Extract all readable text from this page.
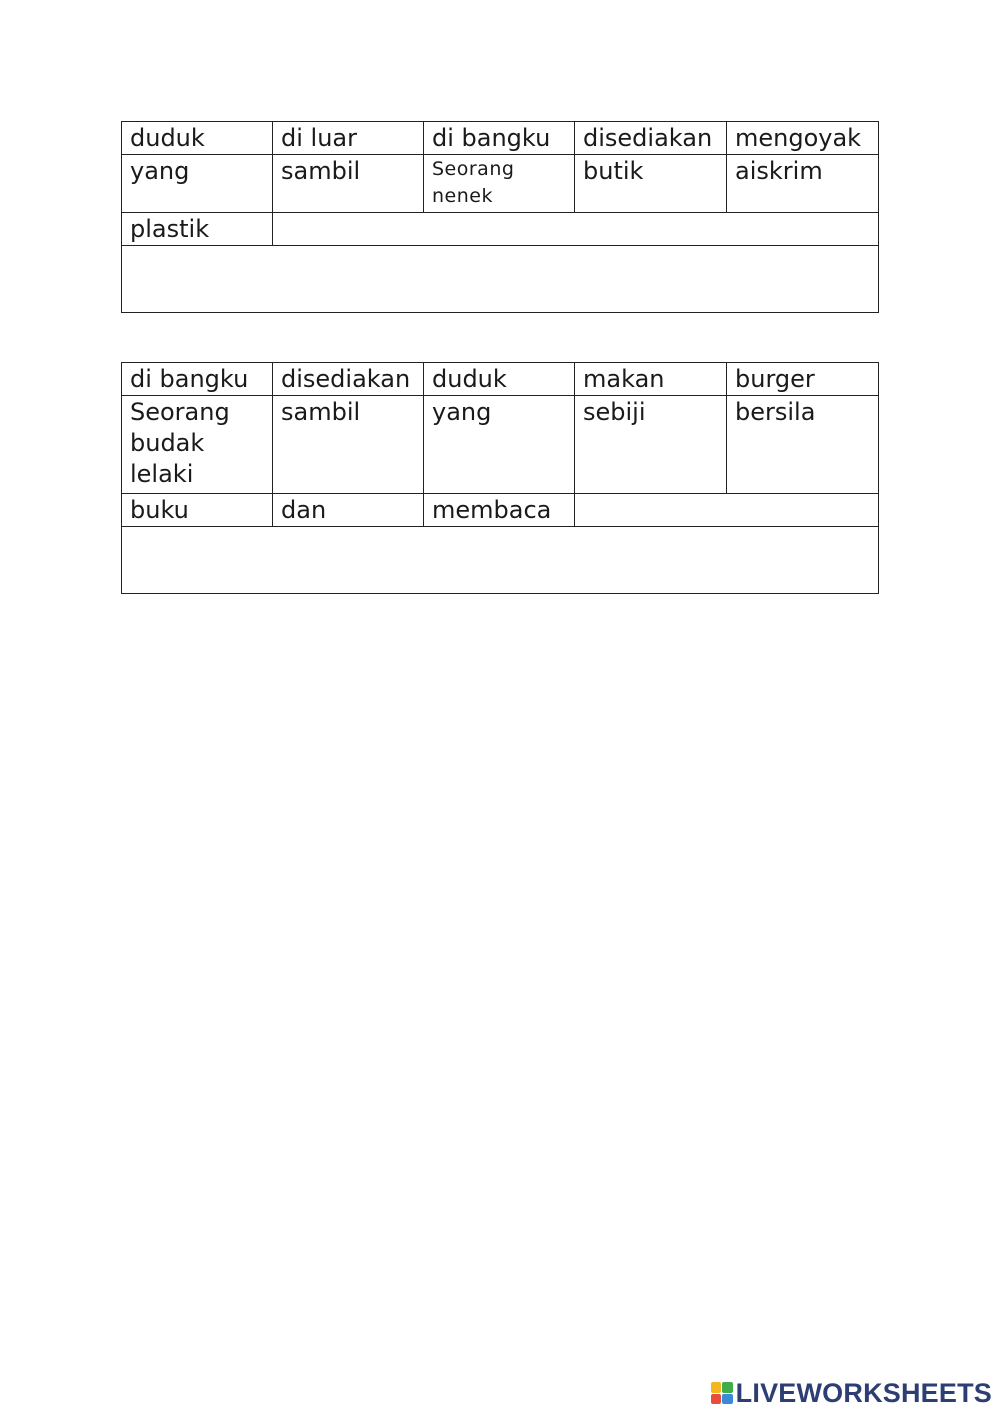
duduk	di luar	di bangku	disediakan	mengoyak
yang	sambil	Seorang nenek	butik	aiskrim
plastik				

di bangku	disediakan	duduk	makan	burger
Seorang budak lelaki	sambil	yang	sebiji	bersila
buku	dan	membaca		

LIVEWORKSHEETS
